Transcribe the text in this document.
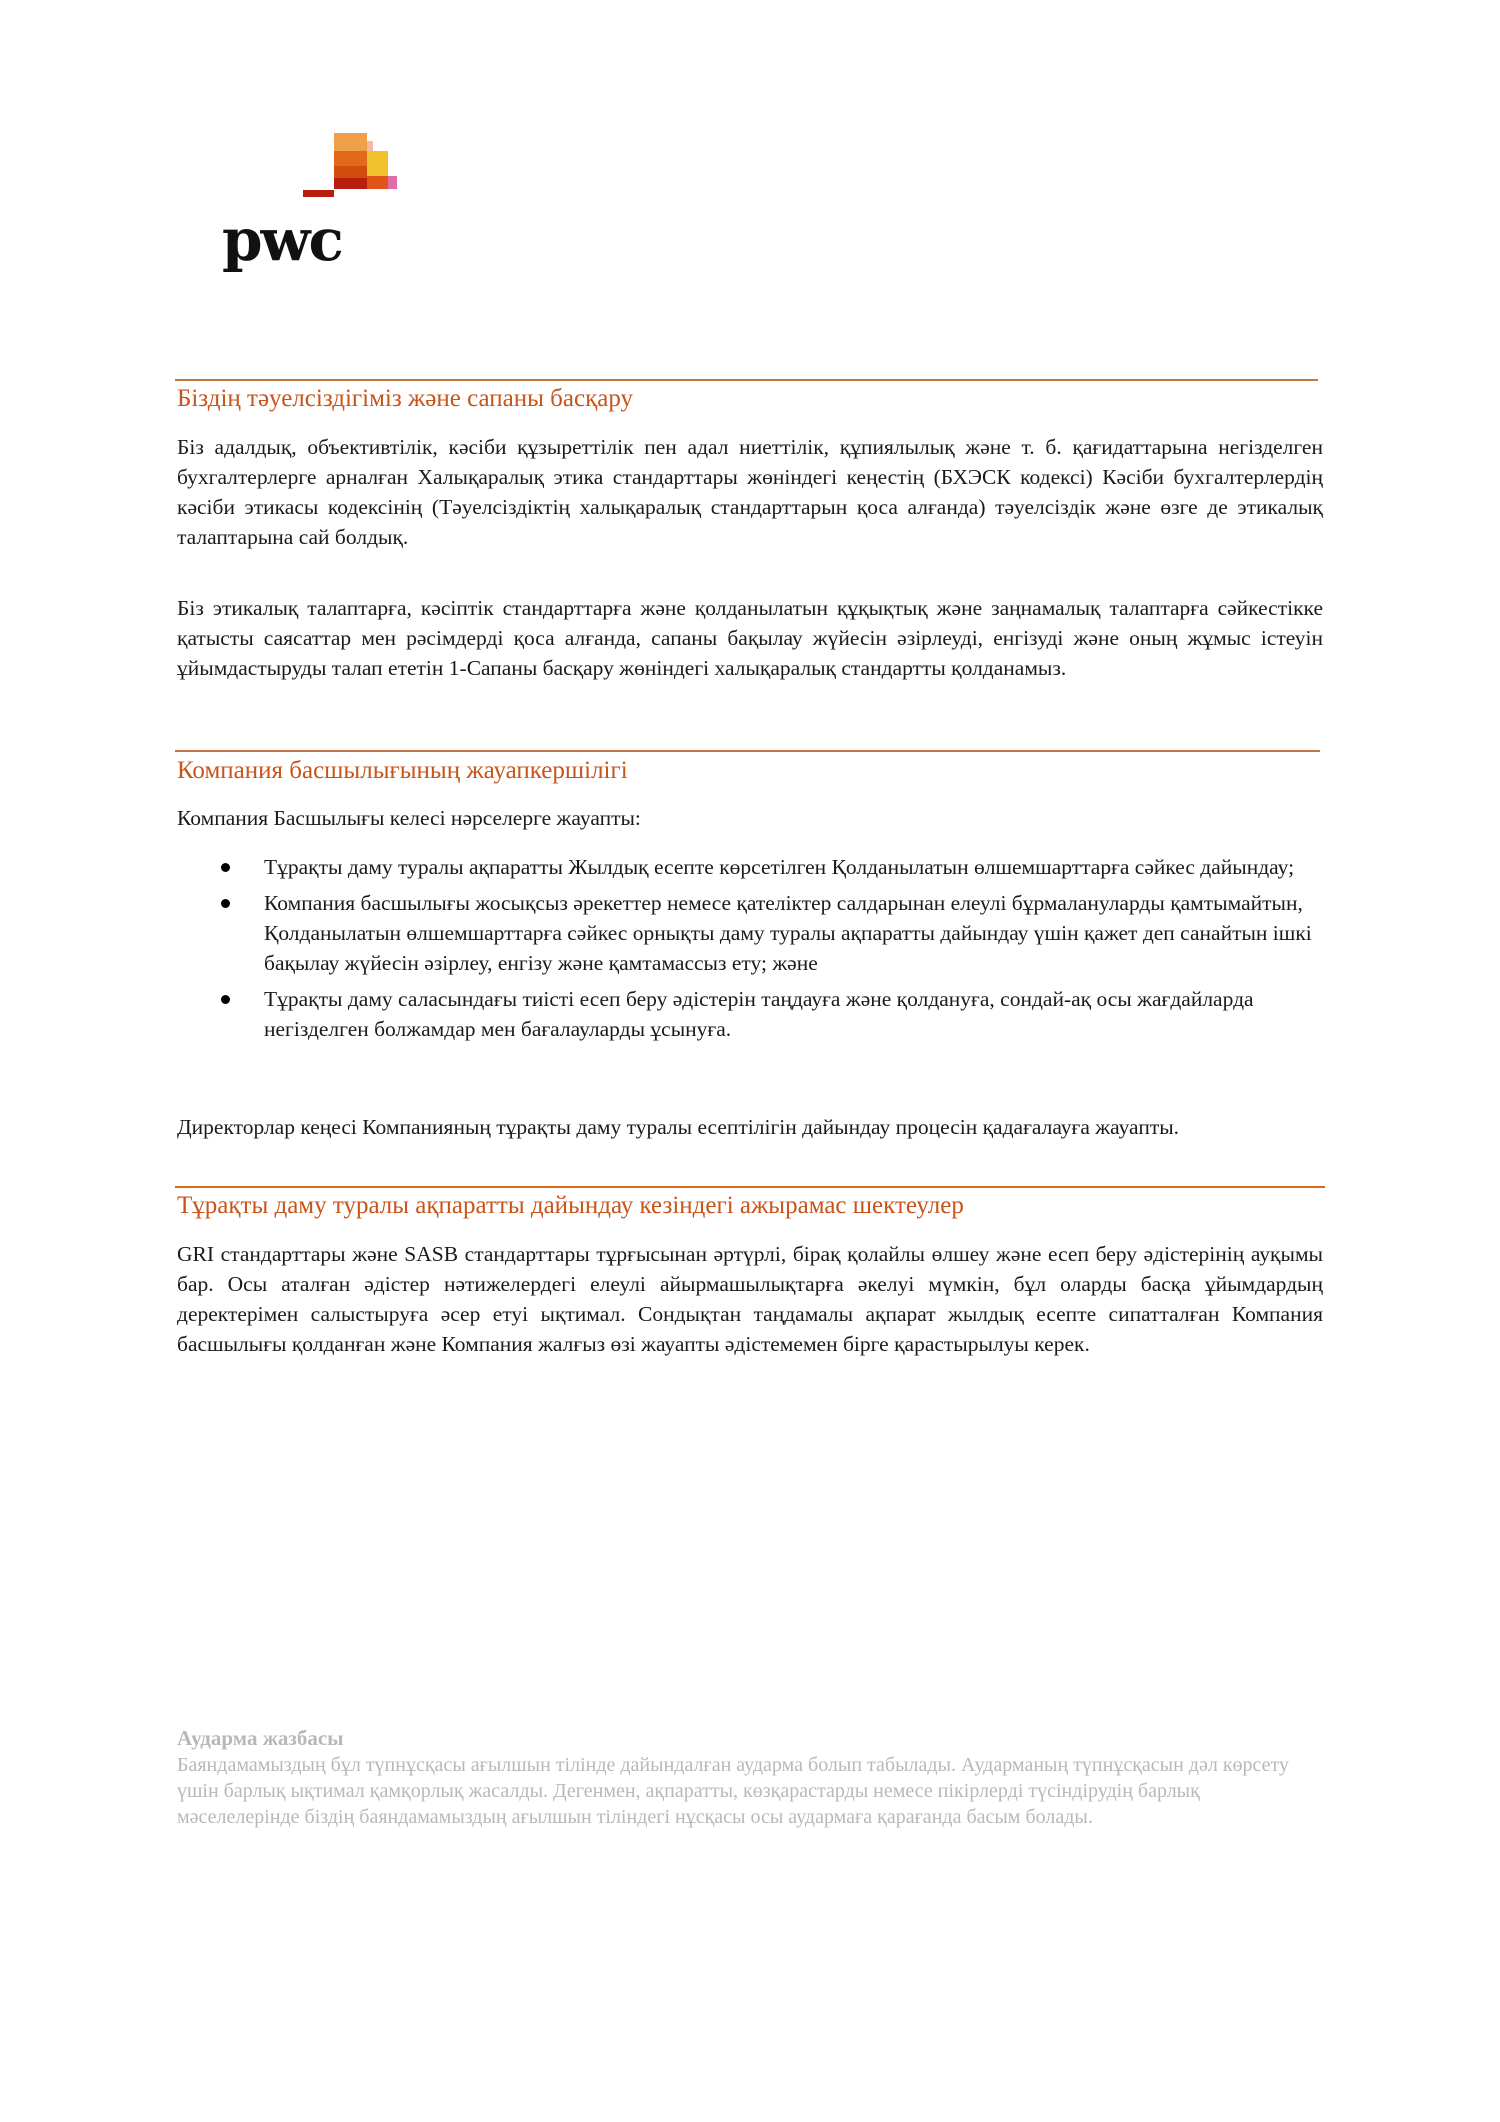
pwc
Біздің тәуелсіздігіміз және сапаны басқару

Біз адалдық, объективтілік, кәсіби құзыреттілік пен адал ниеттілік, құпиялылық және т. б. қағидаттарына негізделген бухгалтерлерге арналған Халықаралық этика стандарттары жөніндегі кеңестің (БХЭСК кодексі) Кәсіби бухгалтерлердің кәсіби этикасы кодексінің (Тәуелсіздіктің халықаралық стандарттарын қоса алғанда) тәуелсіздік және өзге де этикалық талаптарына сай болдық.

Біз этикалық талаптарға, кәсіптік стандарттарға және қолданылатын құқықтық және заңнамалық талаптарға сәйкестікке қатысты саясаттар мен рәсімдерді қоса алғанда, сапаны бақылау жүйесін әзірлеуді, енгізуді және оның жұмыс істеуін ұйымдастыруды талап ететін 1-Сапаны басқару жөніндегі халықаралық стандартты қолданамыз.

Компания басшылығының жауапкершілігі

Компания Басшылығы келесі нәрселерге жауапты:

Тұрақты даму туралы ақпаратты Жылдық есепте көрсетілген Қолданылатын өлшемшарттарға сәйкес дайындау;
Компания басшылығы жосықсыз әрекеттер немесе қателіктер салдарынан елеулі бұрмалануларды қамтымайтын, Қолданылатын өлшемшарттарға сәйкес орнықты даму туралы ақпаратты дайындау үшін қажет деп санайтын ішкі бақылау жүйесін әзірлеу, енгізу және қамтамассыз ету; және
Тұрақты даму саласындағы тиісті есеп беру әдістерін таңдауға және қолдануға, сондай-ақ осы жағдайларда негізделген болжамдар мен бағалауларды ұсынуға.

Директорлар кеңесі Компанияның тұрақты даму туралы есептілігін дайындау процесін қадағалауға жауапты.

Тұрақты даму туралы ақпаратты дайындау кезіндегі ажырамас шектеулер

GRI стандарттары және SASB стандарттары тұрғысынан әртүрлі, бірақ қолайлы өлшеу және есеп беру әдістерінің ауқымы бар. Осы аталған әдістер нәтижелердегі елеулі айырмашылықтарға әкелуі мүмкін, бұл оларды басқа ұйымдардың деректерімен салыстыруға әсер етуі ықтимал. Сондықтан таңдамалы ақпарат жылдық есепте сипатталған Компания басшылығы қолданған және Компания жалғыз өзі жауапты әдістемемен бірге қарастырылуы керек.

Аударма жазбасы
Баяндамамыздың бұл түпнұсқасы ағылшын тілінде дайындалған аударма болып табылады. Аударманың түпнұсқасын дәл көрсету үшін барлық ықтимал қамқорлық жасалды. Дегенмен, ақпаратты, көзқарастарды немесе пікірлерді түсіндірудің барлық мәселелерінде біздің баяндамамыздың ағылшын тіліндегі нұсқасы осы аудармаға қарағанда басым болады.
